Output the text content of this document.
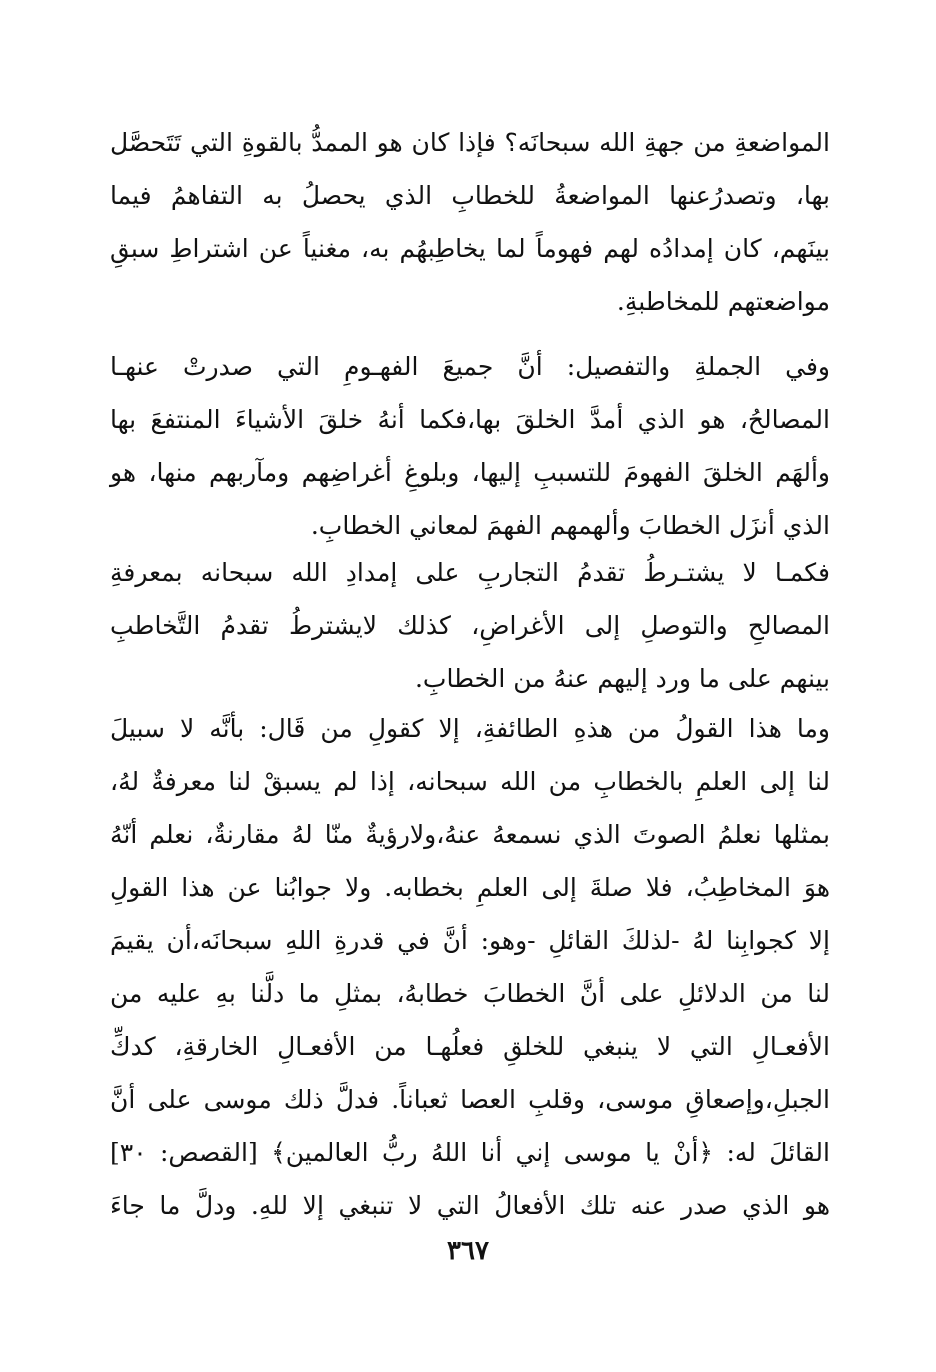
المواضعةِ من جهةِ الله سبحانَه؟ فإذا كان هو الممدُّ بالقوةِ التي تَتَحصَّل
بها، وتصدرُعنها المواضعةُ للخطابِ الذي يحصلُ به التفاهمُ فيما
بينَهم، كان إمدادُه لهم فهوماً لما يخاطِبهُم به، مغنياً عن اشتراطِ سبقِ
مواضعتهم للمخاطبةِ.
وفي الجملةِ والتفصيل: أنَّ جميعَ الفهـومِ التي صدرتْ عنهـا
المصالحُ، هو الذي أمدَّ الخلقَ بها،فكما أنهُ خلقَ الأشياءَ المنتفعَ بها
وألهَم الخلقَ الفهومَ للتسببِ إليها، وبلوغِ أغراضِهم ومآربهم منها، هو
الذي أنزَل الخطابَ وألهمهم الفهمَ لمعاني الخطابِ.
فكمـا لا يشتـرطُ تقدمُ التجاربِ على إمدادِ الله سبحانه بمعرفةِ
المصالحِ والتوصلِ إلى الأغراضِ، كذلك لايشترطُ تقدمُ التَّخاطبِ
بينهم على ما ورد إليهم عنهُ من الخطابِ.
وما هذا القولُ من هذهِ الطائفةِ، إلا كقولِ من قَال: بأنَّه لا سبيلَ
لنا إلى العلمِ بالخطابِ من الله سبحانه، إذا لم يسبقْ لنا معرفةٌ لهُ،
بمثلها نعلمُ الصوتَ الذي نسمعهُ عنهُ،ولارؤيةٌ منّا لهُ مقارنةٌ، نعلم أنّهُ
هوَ المخاطِبُ، فلا صلةَ إلى العلمِ بخطابه. ولا جوابُنا عن هذا القولِ
إلا كجوابِنا لهُ -لذلكَ القائلِ -وهو: أنَّ في قدرةِ اللهِ سبحانَه،أن يقيمَ
لنا من الدلائلِ على أنَّ الخطابَ خطابهُ، بمثلِ ما دلَّنا بهِ عليه من
الأفعـالِ التي لا ينبغي للخلقِ فعلُهـا من الأفعـالِ الخارقةِ، كدكِّ
الجبلِ،وإصعاقِ موسى، وقلبِ العصا ثعباناً. فدلَّ ذلك موسى على أنَّ
القائلَ له: ﴿أنْ يا موسى إني أنا اللهُ ربُّ العالمين﴾ [القصص: ٣٠]
هو الذي صدر عنه تلك الأفعالُ التي لا تنبغي إلا للهِ. ودلَّ ما جاءَ
٣٦٧
